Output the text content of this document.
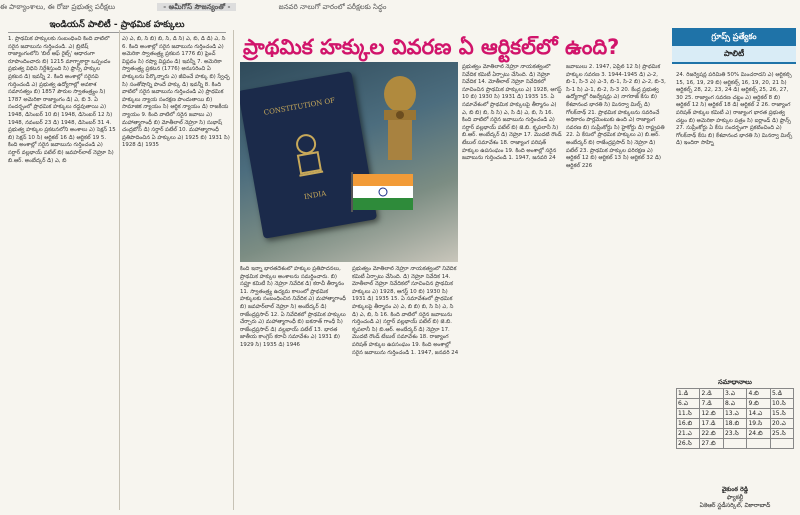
ఈ పాఠ్యాంశాలు, ఈ రోజు ప్రభుత్వ పరీక్షలు	- అమీగోస్ సౌజన్యంతో -	జనవరి నాలుగో వారంలో పరీక్షలకు సిద్ధం
ఇండియన్ పాలిటీ - ప్రాథమిక హక్కులు

1. ప్రాథమిక హక్కులకు సంబంధించి కింది వాటిలో సరైన జవాబును గుర్తించండి. ఎ) బ్రిటిష్ రాజ్యాంగంలోని 'బిల్ ఆఫ్ రైట్స్' ఆధారంగా రూపొందించారు బి) 1215 మాగ్నాకార్టా ఒప్పందం ప్రభుత్వ విధిని నిర్దేశిస్తుంది సి) ఫ్రాన్స్ హక్కుల ప్రకటన డి) ఇవన్నీ 2. కింది అంశాల్లో సరైనవి గుర్తించండి ఎ) ప్రభుత్వ ఉద్యోగాల్లో అవకాశ సమానత్వం బి) 1857 పౌరుల స్వాతంత్ర్యం సి) 1787 అమెరికా రాజ్యాంగం డి) ఎ, బి 3. ఏ సందర్భంలో ప్రాథమిక హక్కులు రద్దవుతాయి ఎ) 1948, డిసెంబర్ 10 బి) 1948, డిసెంబర్ 12 సి) 1948, నవంబర్ 23 డి) 1948, డిసెంబర్ 31 4. ప్రభుత్వ హక్కుల ప్రకటనలోని అంశాలు ఎ) సెక్షన్ 15 బి) సెక్షన్ 10 సి) ఆర్టికల్ 16 డి) ఆర్టికల్ 19 5. కింది అంశాల్లో సరైన జవాబును గుర్తించండి ఎ) సర్దార్ వల్లభాయ్ పటేల్ బి) జవహర్‌లాల్ నెహ్రూ సి) బి.ఆర్. అంబేద్కర్ డి) ఎ, బి

ఎ) ఎ, బి, సి బి) బి, సి, డి సి) ఎ, బి, డి డి) ఎ, సి 6. కింది అంశాల్లో సరైన జవాబును గుర్తించండి ఎ) అమెరికా స్వాతంత్ర్య ప్రకటన 1776 బి) ఫ్రెంచ్ విప్లవం సి) రష్యా విప్లవం డి) ఇవన్నీ 7. అమెరికా స్వాతంత్ర్య ప్రకటన (1776) అనుసరించి ఏ హక్కులను పేర్కొన్నారు ఎ) జీవించే హక్కు బి) స్వేచ్ఛ సి) సంతోషాన్ని పొందే హక్కు డి) ఇవన్నీ 8. కింది వాటిలో సరైన జవాబును గుర్తించండి ఎ) ప్రాథమిక హక్కులు న్యాయ సంరక్షణ పొందుతాయి బి) సామాజిక న్యాయం సి) ఆర్థిక న్యాయం డి) రాజకీయ న్యాయం 9. కింది వాటిలో సరైన జవాబు ఎ) మహాత్మాగాంధీ బి) మోతీలాల్ నెహ్రూ సి) సుభాష్ చంద్రబోస్ డి) సర్దార్ పటేల్ 10. మహాత్మాగాంధీ ప్రతిపాదించిన ఏ హక్కులు ఎ) 1925 బి) 1931 సి) 1928 డి) 1935

ప్రాథమిక హక్కుల వివరణ ఏ ఆర్టికల్‌లో ఉంది?
CONSTITUTION OF
INDIA

కింది ఇన్నా భారతదేశంలో హక్కుల ప్రతిపాదనలు, ప్రాథమిక హక్కుల అంశాలను సమర్థించారు. బి) సప్రూ కమిటీ సి) నెహ్రూ నివేదిక డి) కరాచీ తీర్మానం 11. స్వాతంత్ర్య ఉద్యమ కాలంలో ప్రాథమిక హక్కులకు సంబంధించిన నివేదిక ఎ) మహాత్మాగాంధీ బి) జవహర్‌లాల్ నెహ్రూ సి) అంబేద్కర్ డి) రాజేంద్రప్రసాద్ 12. ఏ నివేదికలో ప్రాథమిక హక్కులు చేర్చారు ఎ) మహాత్మాగాంధీ బి) ఐకనాత్ గాంధీ సి) రాజేంద్రప్రసాద్ డి) వల్లభాయ్ పటేల్ 13. భారత జాతీయ కాంగ్రెస్ కరాచీ సమావేశం ఎ) 1931 బి) 1929 సి) 1935 డి) 1946

ప్రభుత్వం మోతీలాల్ నెహ్రూ నాయకత్వంలో నివేదిక కమిటీ ఏర్పాటు చేసింది. డి) నెహ్రూ నివేదిక 14. మోతీలాల్ నెహ్రూ నివేదికలో సూచించిన ప్రాథమిక హక్కులు ఎ) 1928, ఆగస్ట్ 10 బి) 1930 సి) 1931 డి) 1935 15. ఏ సమావేశంలో ప్రాథమిక హక్కులపై తీర్మానం ఎ) ఎ, బి బి) బి, సి సి) ఎ, సి డి) ఎ, బి, సి 16. కింది వాటిలో సరైన జవాబును గుర్తించండి ఎ) సర్దార్ వల్లభాయ్ పటేల్ బి) జె.బి. కృపలానీ సి) బి.ఆర్. అంబేద్కర్ డి) నెహ్రూ 17. మొదటి రౌండ్ టేబుల్ సమావేశం 18. రాజ్యాంగ పరిషత్ హక్కుల ఉపసంఘం 19. కింది అంశాల్లో సరైన జవాబును గుర్తించండి 1. 1947, జనవరి 24

ప్రభుత్వం మోతీలాల్ నెహ్రూ నాయకత్వంలో నివేదిక కమిటీ ఏర్పాటు చేసింది. డి) నెహ్రూ నివేదిక 14. మోతీలాల్ నెహ్రూ నివేదికలో సూచించిన ప్రాథమిక హక్కులు ఎ) 1928, ఆగస్ట్ 10 బి) 1930 సి) 1931 డి) 1935 15. ఏ సమావేశంలో ప్రాథమిక హక్కులపై తీర్మానం ఎ) ఎ, బి బి) బి, సి సి) ఎ, సి డి) ఎ, బి, సి 16. కింది వాటిలో సరైన జవాబును గుర్తించండి ఎ) సర్దార్ వల్లభాయ్ పటేల్ బి) జె.బి. కృపలానీ సి) బి.ఆర్. అంబేద్కర్ డి) నెహ్రూ 17. మొదటి రౌండ్ టేబుల్ సమావేశం 18. రాజ్యాంగ పరిషత్ హక్కుల ఉపసంఘం 19. కింది అంశాల్లో సరైన జవాబును గుర్తించండి 1. 1947, జనవరి 24

జవాబులు 2. 1947, ఏప్రిల్ 12 సి) ప్రాథమిక హక్కుల సవరణ 3. 1944-1945 డి) ఎ-2, బి-1, సి-3 ఎ) ఎ-3, బి-1, సి-2 బి) ఎ-2, బి-3, సి-1 సి) ఎ-1, బి-2, సి-3 20. కేంద్ర ప్రభుత్వ ఉద్యోగాల్లో రిజర్వేషన్లు ఎ) నాగరాజ్ కేసు బి) కేశవానంద భారతి సి) మినర్వా మిల్స్ డి) గోలక్‌నాథ్ 21. ప్రాథమిక హక్కులను సవరించే అధికారం పార్లమెంటుకు ఉంది ఎ) రాజ్యాంగ సవరణ బి) సుప్రీంకోర్టు సి) హైకోర్టు డి) రాష్ట్రపతి 22. ఏ కేసులో ప్రాథమిక హక్కులు ఎ) బి.ఆర్. అంబేద్కర్ బి) రాజేంద్రప్రసాద్ సి) నెహ్రూ డి) పటేల్ 23. ప్రాథమిక హక్కుల పరిరక్షణ ఎ) ఆర్టికల్ 12 బి) ఆర్టికల్ 13 సి) ఆర్టికల్ 32 డి) ఆర్టికల్ 226

గ్రూప్స్ ప్రత్యేకం
పాలిటీ

24. రిజర్వేషన్ల పరిమితి 50% మించరాదని ఎ) ఆర్టికల్స్ 15, 16, 19, 29 బి) ఆర్టికల్స్ 16, 19, 20, 21 సి) ఆర్టికల్స్ 28, 22, 23, 24 డి) ఆర్టికల్స్ 25, 26, 27, 30 25. రాజ్యాంగ సవరణ చట్టం ఎ) ఆర్టికల్ 8 బి) ఆర్టికల్ 12 సి) ఆర్టికల్ 18 డి) ఆర్టికల్ 2 26. రాజ్యాంగ పరిషత్ హక్కుల కమిటీ ఎ) రాజ్యాంగ భారత ప్రభుత్వ చట్టం బి) అమెరికా హక్కుల పత్రం సి) ఐర్లాండ్ డి) ఫ్రాన్స్ 27. సుప్రీంకోర్టు ఏ కేసు సందర్భంగా ప్రకటించింది ఎ) గోలక్‌నాథ్ కేసు బి) కేశవానంద భారతి సి) మినర్వా మిల్స్ డి) ఇందిరా సాహ్ని

సమాధానాలు
1.డి	2.డి	3.ఎ	4.బి	5.డి
6.ఎ	7.డి	8.ఎ	9.బి	10.సి
11.సి	12.బి	13.ఎ	14.ఎ	15.సి
16.బి	17.డి	18.బి	19.సి	20.ఎ
21.ఎ	22.బి	23.సి	24.బి	25.సి
26.సి	27.బి			
వైకుంఠ రెడ్డి
ఫ్యాకల్టీ
ఏకెఆర్ స్టడీసర్కిల్, వికారాబాద్
